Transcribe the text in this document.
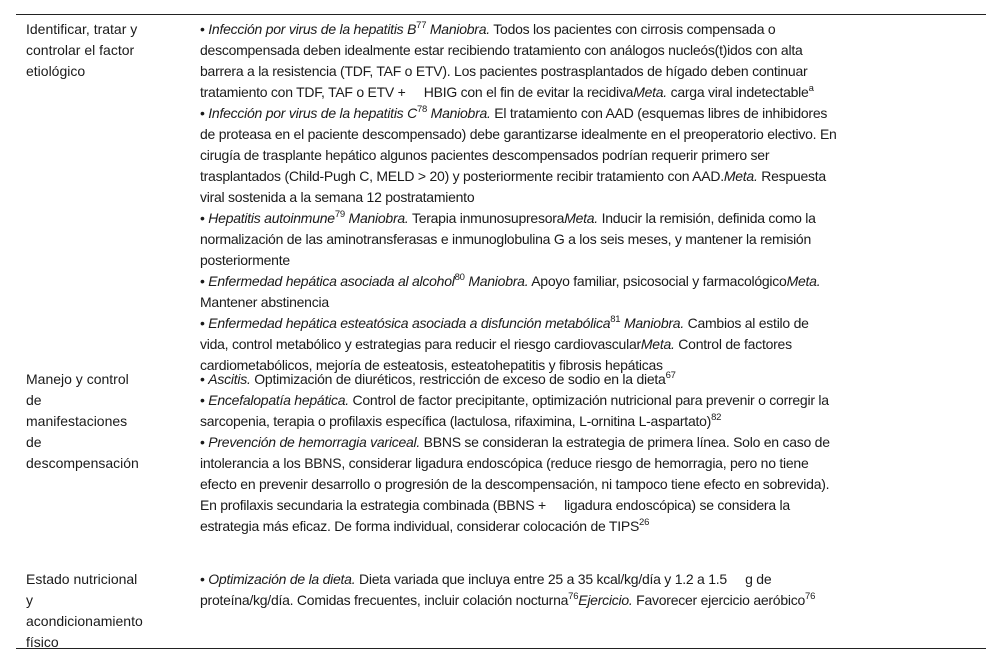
Identificar, tratar y
controlar el factor
etiológico

• Infección por virus de la hepatitis $B^{77}$ Maniobra. Todos los pacientes con cirrosis compensada o
descompensada deben idealmente estar recibiendo tratamiento con análogos nucleós(t)idos con alta
barrera a la resistencia (TDF, TAF o ETV). Los pacientes postrasplantados de hígado deben continuar
tratamiento con TDF, TAF o ETV +     HBIG con el fin de evitar la recidivaMeta. carga viral indetectable$^a$

• Infección por virus de la hepatitis $C^{78}$ Maniobra. El tratamiento con AAD (esquemas libres de inhibidores
de proteasa en el paciente descompensado) debe garantizarse idealmente en el preoperatorio electivo. En
cirugía de trasplante hepático algunos pacientes descompensados podrían requerir primero ser
trasplantados (Child-Pugh C, MELD > 20) y posteriormente recibir tratamiento con AAD.Meta. Respuesta
viral sostenida a la semana 12 postratamiento

• Hepatitis autoinmune$^{79}$ Maniobra. Terapia inmunosupresoraMeta. Inducir la remisión, definida como la
normalización de las aminotransferasas e inmunoglobulina G a los seis meses, y mantener la remisión
posteriormente

• Enfermedad hepática asociada al alcohol$^{80}$ Maniobra. Apoyo familiar, psicosocial y farmacológicoMeta.
Mantener abstinencia

• Enfermedad hepática esteatósica asociada a disfunción metabólica$^{81}$ Maniobra. Cambios al estilo de
vida, control metabólico y estrategias para reducir el riesgo cardiovascularMeta. Control de factores
cardiometabólicos, mejoría de esteatosis, esteatohepatitis y fibrosis hepáticas

Manejo y control
de
manifestaciones
de
descompensación

• Ascitis. Optimización de diuréticos, restricción de exceso de sodio en la dieta$^{67}$

• Encefalopatía hepática. Control de factor precipitante, optimización nutricional para prevenir o corregir la
sarcopenia, terapia o profilaxis específica (lactulosa, rifaximina, L-ornitina L-aspartato)$^{82}$

• Prevención de hemorragia variceal. BBNS se consideran la estrategia de primera línea. Solo en caso de
intolerancia a los BBNS, considerar ligadura endoscópica (reduce riesgo de hemorragia, pero no tiene
efecto en prevenir desarrollo o progresión de la descompensación, ni tampoco tiene efecto en sobrevida).
En profilaxis secundaria la estrategia combinada (BBNS +     ligadura endoscópica) se considera la
estrategia más eficaz. De forma individual, considerar colocación de TIPS$^{26}$

Estado nutricional
y
acondicionamiento
físico

• Optimización de la dieta. Dieta variada que incluya entre 25 a 35 kcal/kg/día y 1.2 a 1.5     g de
proteína/kg/día. Comidas frecuentes, incluir colación nocturna$^{76}$Ejercicio. Favorecer ejercicio aeróbico$^{76}$
